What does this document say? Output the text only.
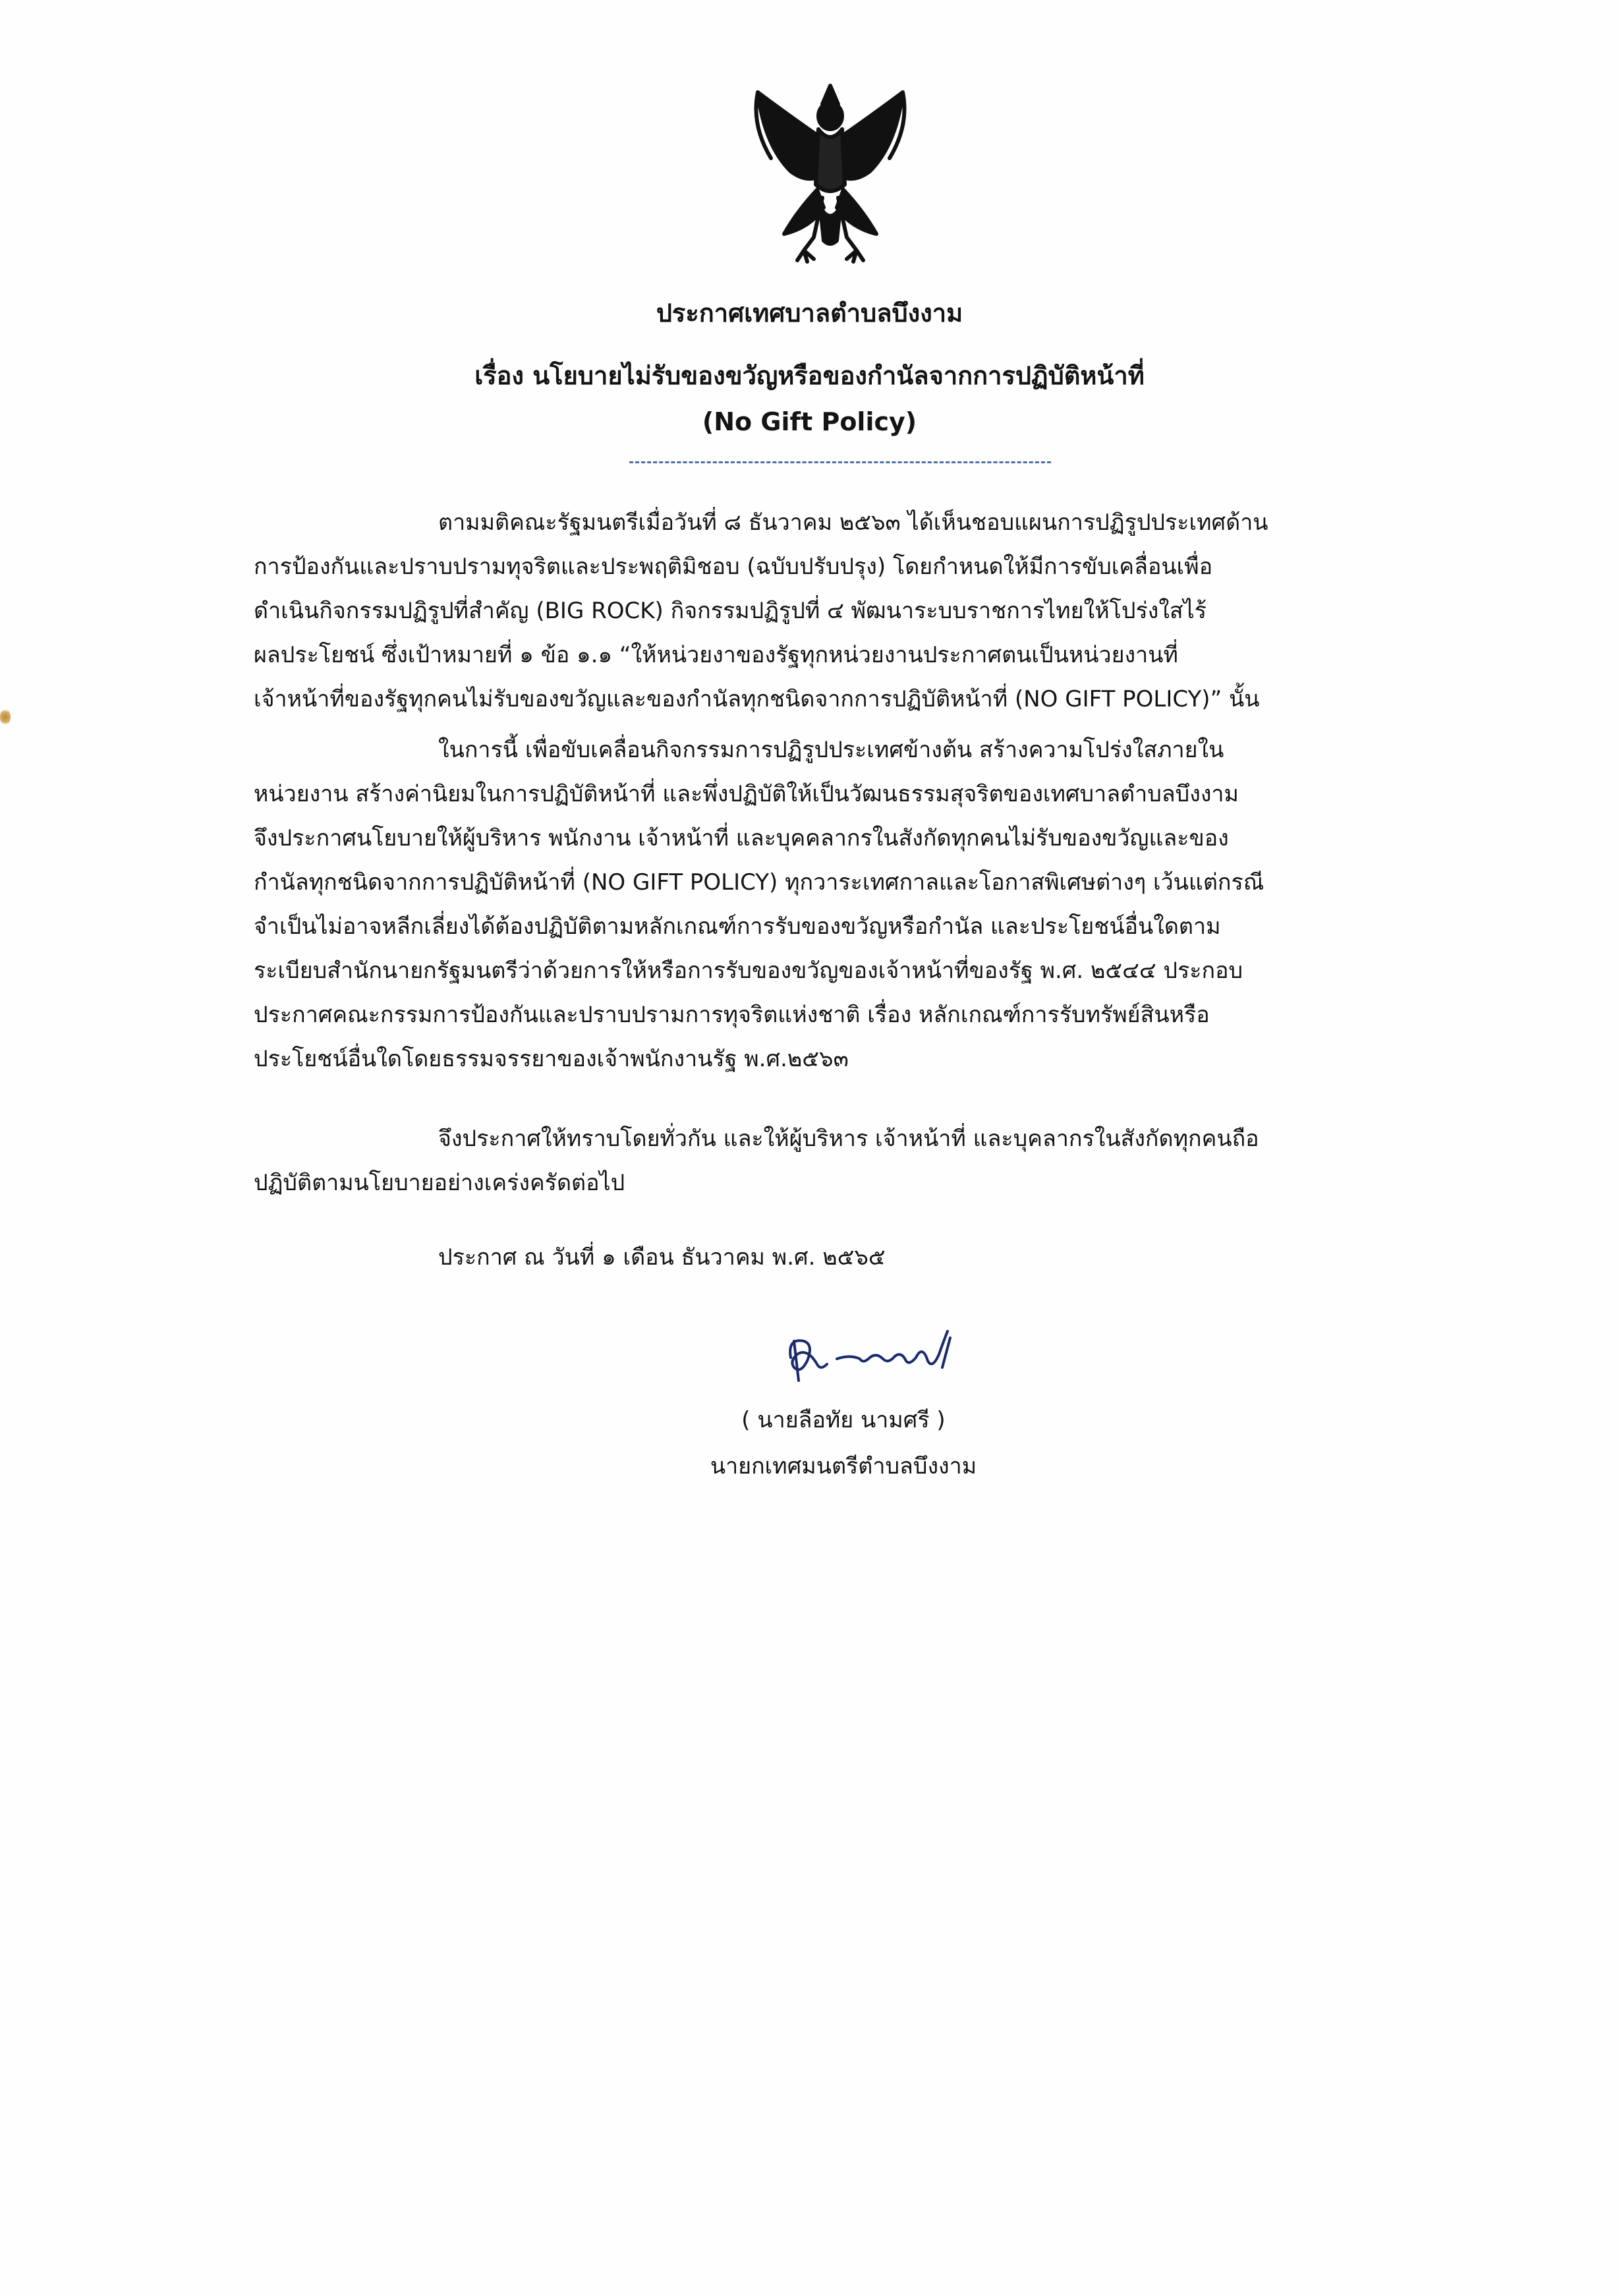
ประกาศเทศบาลตำบลบึงงาม
เรื่อง นโยบายไม่รับของขวัญหรือของกำนัลจากการปฏิบัติหน้าที่
(No Gift Policy)
ตามมติคณะรัฐมนตรีเมื่อวันที่ ๘ ธันวาคม ๒๕๖๓ ได้เห็นชอบแผนการปฏิรูปประเทศด้าน
การป้องกันและปราบปรามทุจริตและประพฤติมิชอบ (ฉบับปรับปรุง) โดยกำหนดให้มีการขับเคลื่อนเพื่อ
ดำเนินกิจกรรมปฏิรูปที่สำคัญ (BIG ROCK) กิจกรรมปฏิรูปที่ ๔ พัฒนาระบบราชการไทยให้โปร่งใสไร้
ผลประโยชน์ ซึ่งเป้าหมายที่ ๑ ข้อ ๑.๑ “ให้หน่วยงาของรัฐทุกหน่วยงานประกาศตนเป็นหน่วยงานที่
เจ้าหน้าที่ของรัฐทุกคนไม่รับของขวัญและของกำนัลทุกชนิดจากการปฏิบัติหน้าที่ (NO GIFT POLICY)” นั้น
ในการนี้ เพื่อขับเคลื่อนกิจกรรมการปฏิรูปประเทศข้างต้น สร้างความโปร่งใสภายใน
หน่วยงาน สร้างค่านิยมในการปฏิบัติหน้าที่ และพึ่งปฏิบัติให้เป็นวัฒนธรรมสุจริตของเทศบาลตำบลบึงงาม
จึงประกาศนโยบายให้ผู้บริหาร พนักงาน เจ้าหน้าที่ และบุคคลากรในสังกัดทุกคนไม่รับของขวัญและของ
กำนัลทุกชนิดจากการปฏิบัติหน้าที่ (NO GIFT POLICY) ทุกวาระเทศกาลและโอกาสพิเศษต่างๆ เว้นแต่กรณี
จำเป็นไม่อาจหลีกเลี่ยงได้ต้องปฏิบัติตามหลักเกณฑ์การรับของขวัญหรือกำนัล และประโยชน์อื่นใดตาม
ระเบียบสำนักนายกรัฐมนตรีว่าด้วยการให้หรือการรับของขวัญของเจ้าหน้าที่ของรัฐ พ.ศ. ๒๕๔๔ ประกอบ
ประกาศคณะกรรมการป้องกันและปราบปรามการทุจริตแห่งชาติ เรื่อง หลักเกณฑ์การรับทรัพย์สินหรือ
ประโยชน์อื่นใดโดยธรรมจรรยาของเจ้าพนักงานรัฐ พ.ศ.๒๕๖๓
จึงประกาศให้ทราบโดยทั่วกัน และให้ผู้บริหาร เจ้าหน้าที่ และบุคลากรในสังกัดทุกคนถือ
ปฏิบัติตามนโยบายอย่างเคร่งครัดต่อไป
ประกาศ ณ วันที่ ๑ เดือน ธันวาคม พ.ศ. ๒๕๖๕
( นายลือทัย นามศรี )
นายกเทศมนตรีตำบลบึงงาม
